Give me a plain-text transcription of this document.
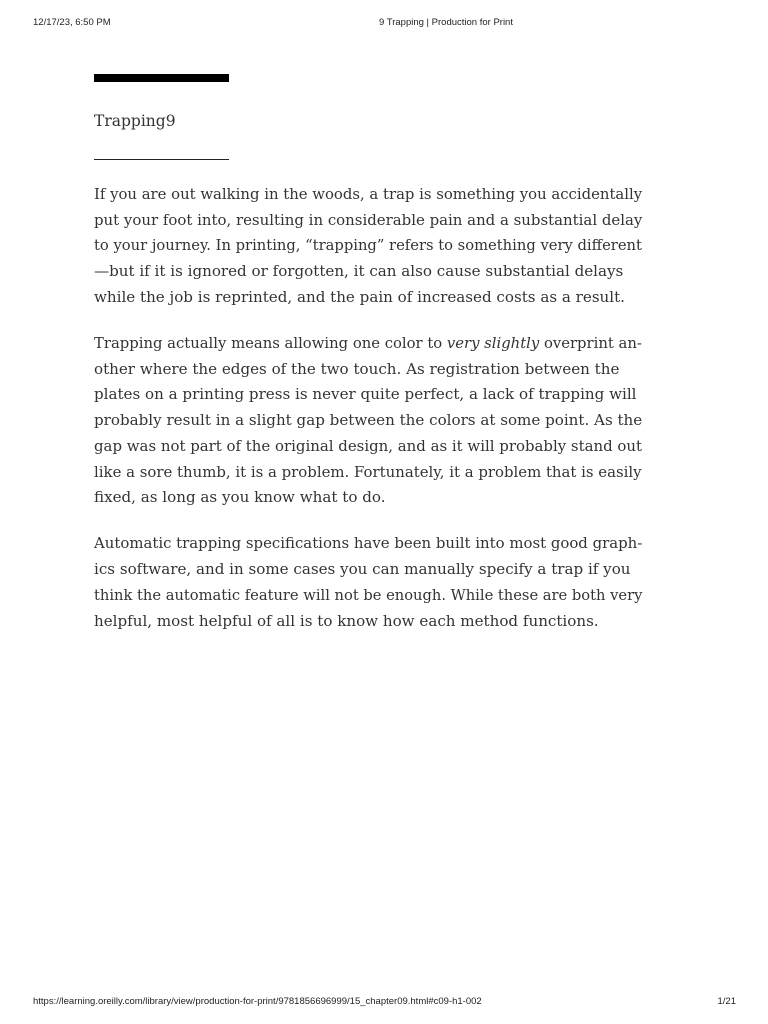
12/17/23, 6:50 PM	9 Trapping | Production for Print
Trapping9

If you are out walking in the woods, a trap is something you accidentally
put your foot into, resulting in considerable pain and a substantial delay
to your journey. In printing, “trapping” refers to something very different
—but if it is ignored or forgotten, it can also cause substantial delays
while the job is reprinted, and the pain of increased costs as a result.

Trapping actually means allowing one color to very slightly overprint an-
other where the edges of the two touch. As registration between the
plates on a printing press is never quite perfect, a lack of trapping will
probably result in a slight gap between the colors at some point. As the
gap was not part of the original design, and as it will probably stand out
like a sore thumb, it is a problem. Fortunately, it a problem that is easily
fixed, as long as you know what to do.

Automatic trapping specifications have been built into most good graph-
ics software, and in some cases you can manually specify a trap if you
think the automatic feature will not be enough. While these are both very
helpful, most helpful of all is to know how each method functions.

https://learning.oreilly.com/library/view/production-for-print/9781856696999/15_chapter09.html#c09-h1-002	1/21
